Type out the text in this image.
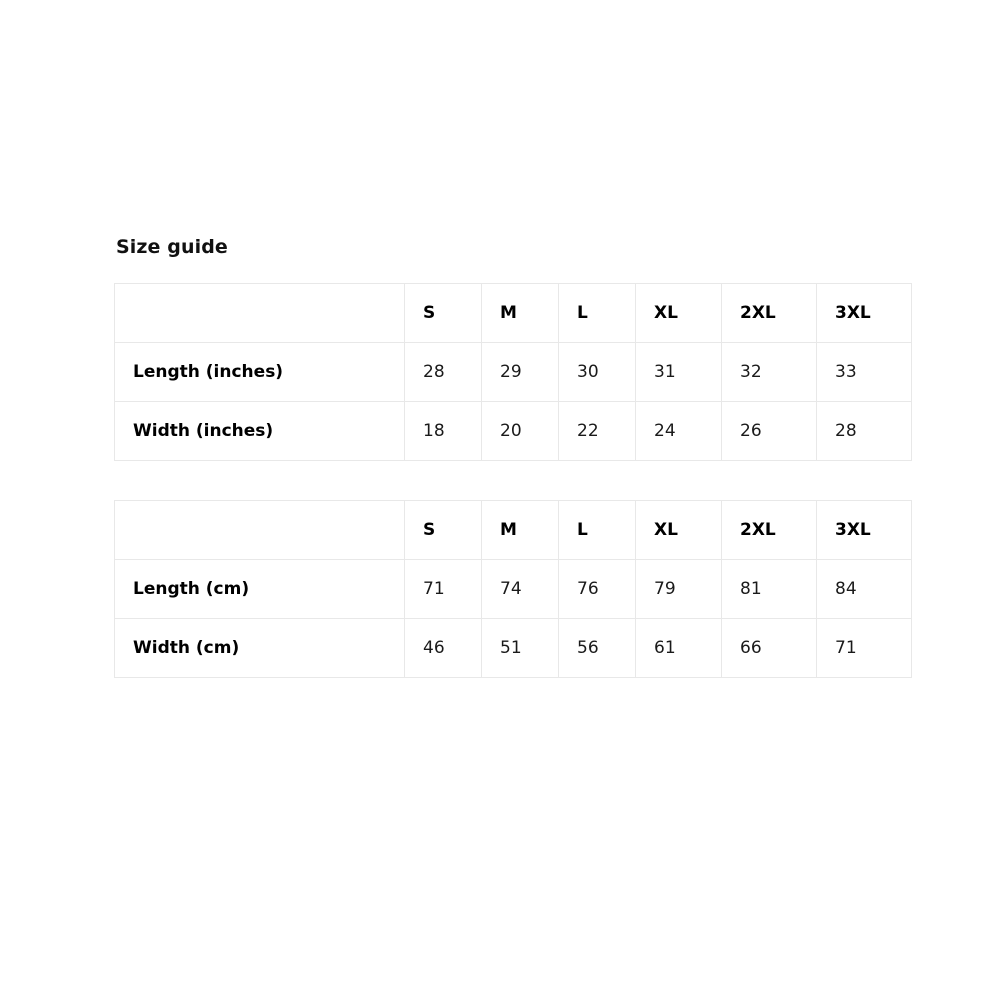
Size guide
	S	M	L	XL	2XL	3XL
Length (inches)	28	29	30	31	32	33
Width (inches)	18	20	22	24	26	28
	S	M	L	XL	2XL	3XL
Length (cm)	71	74	76	79	81	84
Width (cm)	46	51	56	61	66	71
